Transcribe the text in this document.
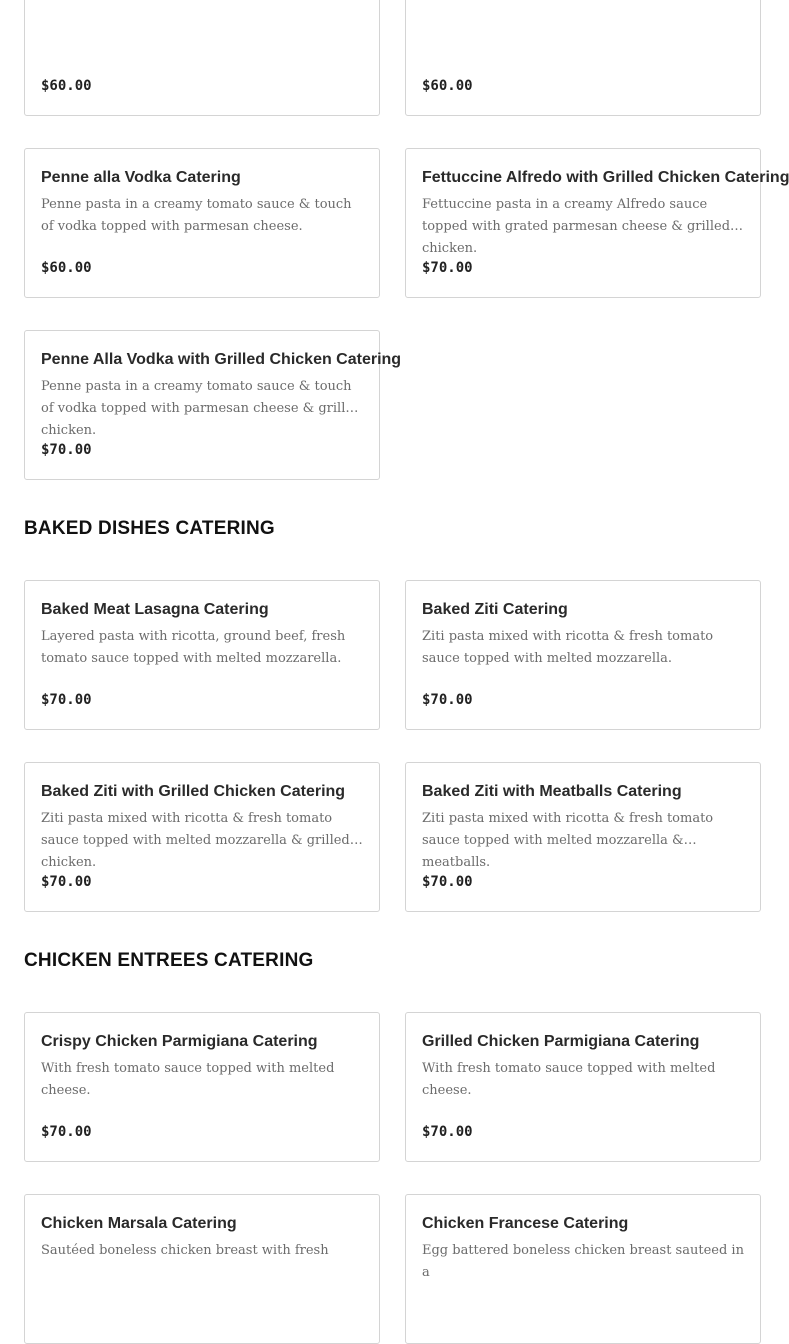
$60.00	$60.00
Penne alla Vodka Catering
Penne pasta in a creamy tomato sauce & touch of vodka topped with parmesan cheese.
$60.00
Fettuccine Alfredo with Grilled Chicken Catering
Fettuccine pasta in a creamy Alfredo sauce topped with grated parmesan cheese & grilled chicken.
$70.00
Penne Alla Vodka with Grilled Chicken Catering
Penne pasta in a creamy tomato sauce & touch of vodka topped with parmesan cheese & grilled chicken.
$70.00
BAKED DISHES CATERING
Baked Meat Lasagna Catering
Layered pasta with ricotta, ground beef, fresh tomato sauce topped with melted mozzarella.
$70.00
Baked Ziti Catering
Ziti pasta mixed with ricotta & fresh tomato sauce topped with melted mozzarella.
$70.00
Baked Ziti with Grilled Chicken Catering
Ziti pasta mixed with ricotta & fresh tomato sauce topped with melted mozzarella & grilled chicken.
$70.00
Baked Ziti with Meatballs Catering
Ziti pasta mixed with ricotta & fresh tomato sauce topped with melted mozzarella & meatballs.
$70.00
CHICKEN ENTREES CATERING
Crispy Chicken Parmigiana Catering
With fresh tomato sauce topped with melted cheese.
$70.00
Grilled Chicken Parmigiana Catering
With fresh tomato sauce topped with melted cheese.
$70.00
Chicken Marsala Catering
Sautéed boneless chicken breast with fresh
Chicken Francese Catering
Egg battered boneless chicken breast sauteed in a
